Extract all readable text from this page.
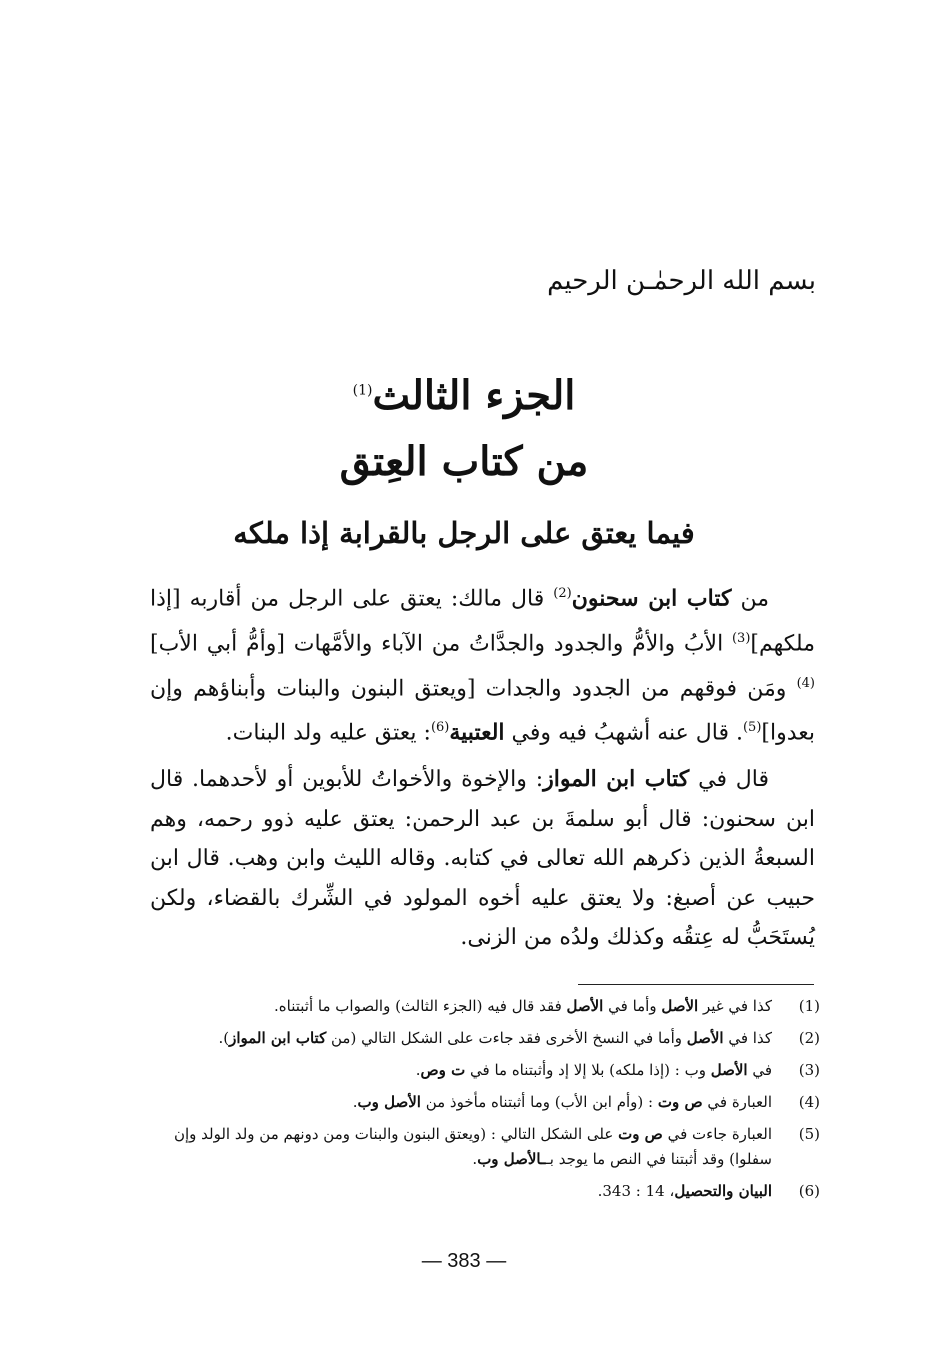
بسم الله الرحمٰـن الرحيم
الجزء الثالث$^{(1)}$
من كتاب العِتق
فيما يعتق على الرجل بالقرابة إذا ملكه
من كتاب ابن سحنون$^{(2)}$ قال مالك: يعتق على الرجل من أقاربه [إذا ملكهم]$^{(3)}$ الأبُ والأمُّ والجدود والجدَّاتُ من الآباء والأمَّهات [وأمُّ أبي الأب]$^{(4)}$ ومَن فوقهم من الجدود والجدات [ويعتق البنون والبنات وأبناؤهم وإن بعدوا]$^{(5)}$. قال عنه أشهبُ فيه وفي العتبية$^{(6)}$: يعتق عليه ولد البنات.
قال في كتاب ابن المواز: والإخوة والأخواتُ للأبوين أو لأحدهما. قال ابن سحنون: قال أبو سلمةَ بن عبد الرحمن: يعتق عليه ذوو رحمه، وهم السبعةُ الذين ذكرهم الله تعالى في كتابه. وقاله الليث وابن وهب. قال ابن حبيب عن أصبغ: ولا يعتق عليه أخوه المولود في الشِّرك بالقضاء، ولكن يُستَحَبُّ له عِتقُه وكذلك ولدُه من الزنى.
(1)
كذا في غير الأصل وأما في الأصل فقد قال فيه (الجزء الثالث) والصواب ما أثبتناه.
(2)
كذا في الأصل وأما في النسخ الأخرى فقد جاءت على الشكل التالي (من كتاب ابن المواز).
(3)
في الأصل وب : (إذا ملكه) بلا إلا إد وأثبتناه ما في ت وص.
(4)
العبارة في ص وت : (وأم ابن الأب) وما أثبتناه مأخوذ من الأصل وب.
(5)
العبارة جاءت في ص وت على الشكل التالي : (ويعتق البنون والبنات ومن دونهم من ولد الولد وإن سفلوا) وقد أثبتنا في النص ما يوجد بــالأصل وب.
(6)
البيان والتحصيل، 14 : 343.
— 383 —
